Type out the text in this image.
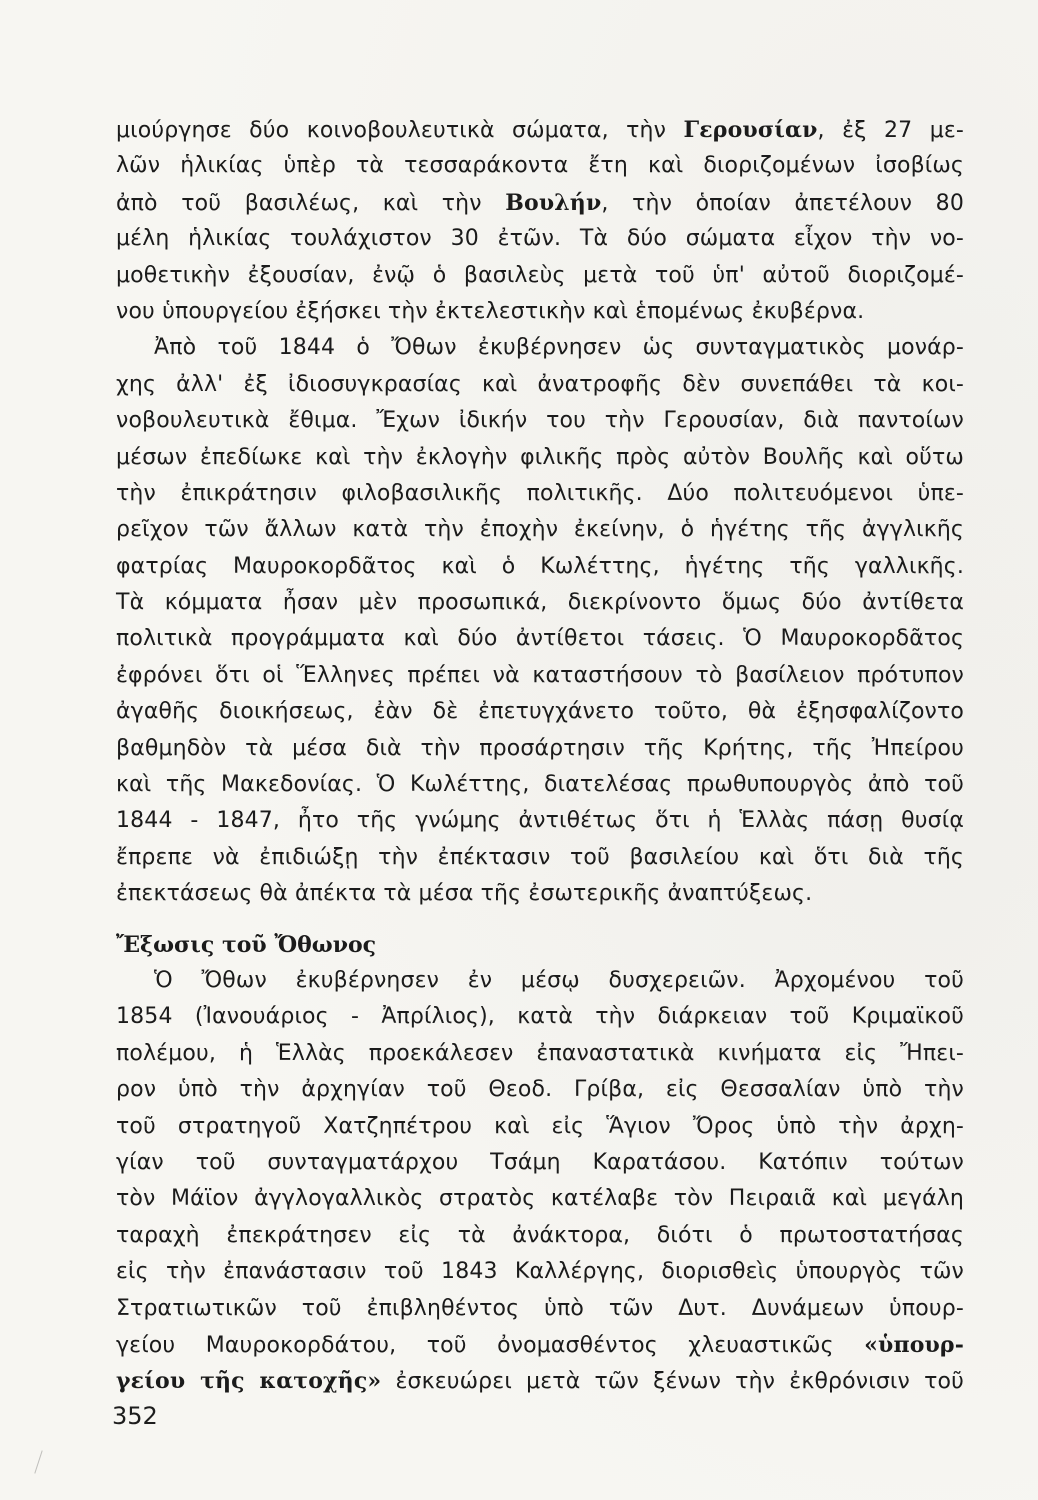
μιούργησε δύο κοινοβουλευτικὰ σώματα, τὴν Γερουσίαν, ἐξ 27 με-
λῶν ἡλικίας ὑπὲρ τὰ τεσσαράκοντα ἔτη καὶ διοριζομένων ἰσοβίως
ἀπὸ τοῦ βασιλέως, καὶ τὴν Βουλήν, τὴν ὁποίαν ἀπετέλουν 80
μέλη ἡλικίας τουλάχιστον 30 ἐτῶν. Τὰ δύο σώματα εἶχον τὴν νο-
μοθετικὴν ἐξουσίαν, ἐνῷ ὁ βασιλεὺς μετὰ τοῦ ὑπ' αὐτοῦ διοριζομέ-
νου ὑπουργείου ἐξήσκει τὴν ἐκτελεστικὴν καὶ ἑπομένως ἐκυβέρνα.
Ἀπὸ τοῦ 1844 ὁ Ὄθων ἐκυβέρνησεν ὡς συνταγματικὸς μονάρ-
χης ἀλλ' ἐξ ἰδιοσυγκρασίας καὶ ἀνατροφῆς δὲν συνεπάθει τὰ κοι-
νοβουλευτικὰ ἔθιμα. Ἔχων ἰδικήν του τὴν Γερουσίαν, διὰ παντοίων
μέσων ἐπεδίωκε καὶ τὴν ἐκλογὴν φιλικῆς πρὸς αὐτὸν Βουλῆς καὶ οὕτω
τὴν ἐπικράτησιν φιλοβασιλικῆς πολιτικῆς. Δύο πολιτευόμενοι ὑπε-
ρεῖχον τῶν ἄλλων κατὰ τὴν ἐποχὴν ἐκείνην, ὁ ἡγέτης τῆς ἀγγλικῆς
φατρίας Μαυροκορδᾶτος καὶ ὁ Κωλέττης, ἡγέτης τῆς γαλλικῆς.
Τὰ κόμματα ἦσαν μὲν προσωπικά, διεκρίνοντο ὅμως δύο ἀντίθετα
πολιτικὰ προγράμματα καὶ δύο ἀντίθετοι τάσεις. Ὁ Μαυροκορδᾶτος
ἐφρόνει ὅτι οἱ Ἕλληνες πρέπει νὰ καταστήσουν τὸ βασίλειον πρότυπον
ἀγαθῆς διοικήσεως, ἐὰν δὲ ἐπετυγχάνετο τοῦτο, θὰ ἐξησφαλίζοντο
βαθμηδὸν τὰ μέσα διὰ τὴν προσάρτησιν τῆς Κρήτης, τῆς Ἠπείρου
καὶ τῆς Μακεδονίας. Ὁ Κωλέττης, διατελέσας πρωθυπουργὸς ἀπὸ τοῦ
1844 - 1847, ἦτο τῆς γνώμης ἀντιθέτως ὅτι ἡ Ἑλλὰς πάσῃ θυσίᾳ
ἔπρεπε νὰ ἐπιδιώξῃ τὴν ἐπέκτασιν τοῦ βασιλείου καὶ ὅτι διὰ τῆς
ἐπεκτάσεως θὰ ἀπέκτα τὰ μέσα τῆς ἐσωτερικῆς ἀναπτύξεως.
Ἔξωσις τοῦ Ὄθωνος
Ὁ Ὄθων ἐκυβέρνησεν ἐν μέσῳ δυσχερειῶν. Ἀρχομένου τοῦ
1854 (Ἰανουάριος - Ἀπρίλιος), κατὰ τὴν διάρκειαν τοῦ Κριμαϊκοῦ
πολέμου, ἡ Ἑλλὰς προεκάλεσεν ἐπαναστατικὰ κινήματα εἰς Ἤπει-
ρον ὑπὸ τὴν ἀρχηγίαν τοῦ Θεοδ. Γρίβα, εἰς Θεσσαλίαν ὑπὸ τὴν
τοῦ στρατηγοῦ Χατζηπέτρου καὶ εἰς Ἅγιον Ὄρος ὑπὸ τὴν ἀρχη-
γίαν τοῦ συνταγματάρχου Τσάμη Καρατάσου. Κατόπιν τούτων
τὸν Μάϊον ἀγγλογαλλικὸς στρατὸς κατέλαβε τὸν Πειραιᾶ καὶ μεγάλη
ταραχὴ ἐπεκράτησεν εἰς τὰ ἀνάκτορα, διότι ὁ πρωτοστατήσας
εἰς τὴν ἐπανάστασιν τοῦ 1843 Καλλέργης, διορισθεὶς ὑπουργὸς τῶν
Στρατιωτικῶν τοῦ ἐπιβληθέντος ὑπὸ τῶν Δυτ. Δυνάμεων ὑπουρ-
γείου Μαυροκορδάτου, τοῦ ὀνομασθέντος χλευαστικῶς «ὑπουρ-
γείου τῆς κατοχῆς» ἐσκευώρει μετὰ τῶν ξένων τὴν ἐκθρόνισιν τοῦ
352
